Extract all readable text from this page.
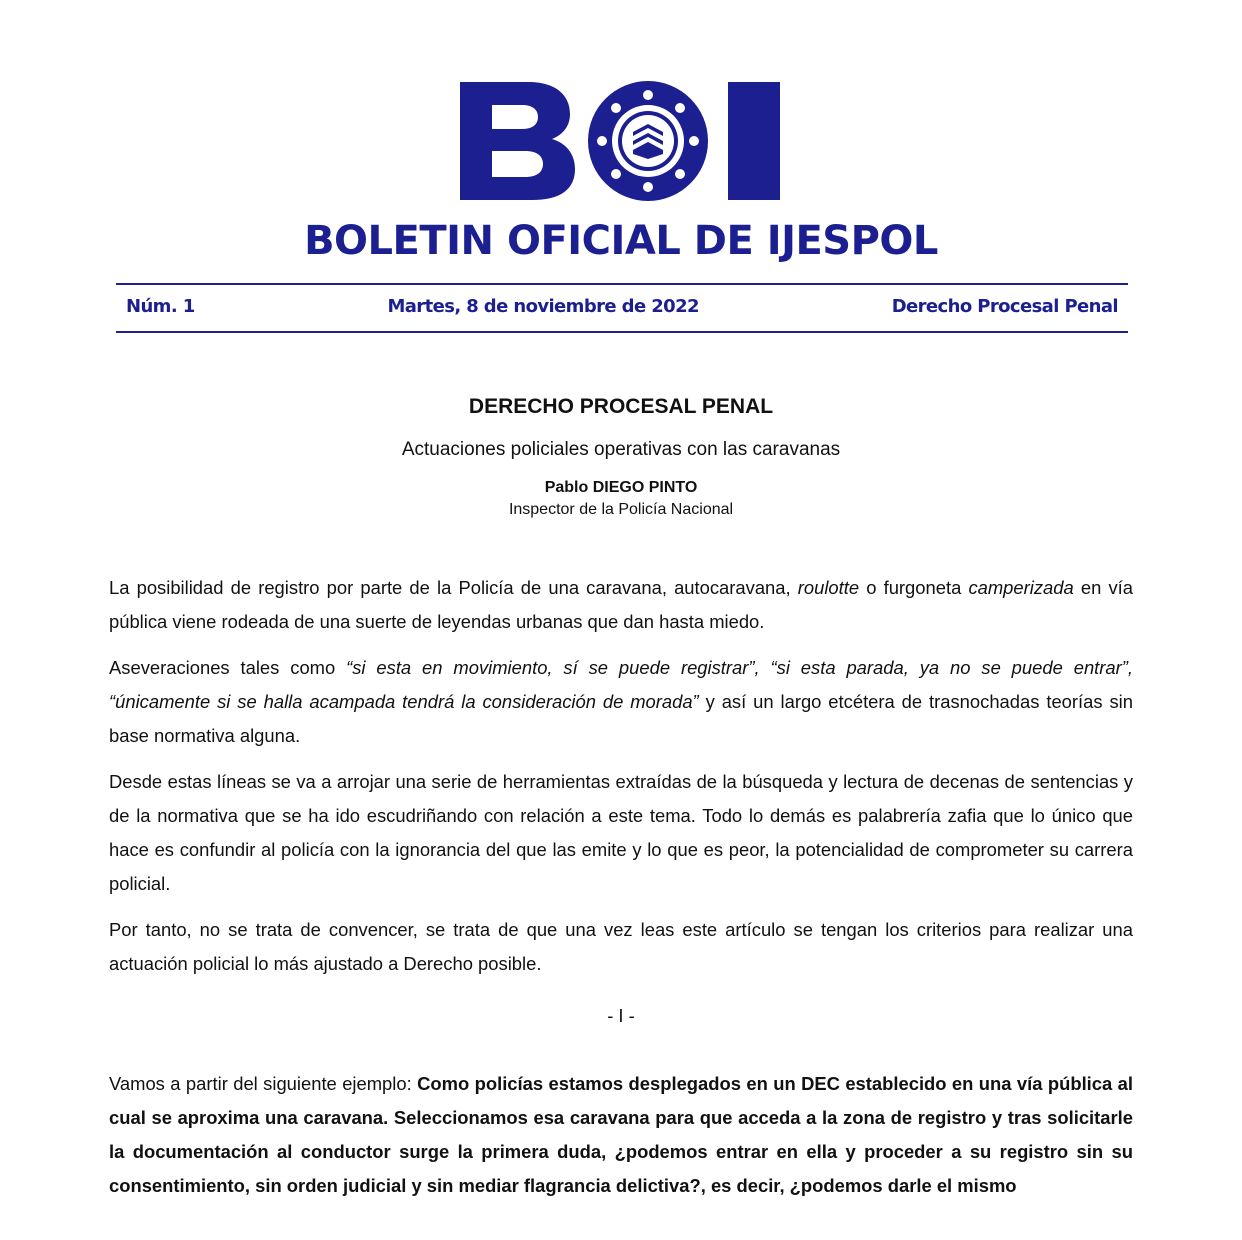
BOLETIN OFICIAL DE IJESPOL
Núm. 1	Martes, 8 de noviembre de 2022	Derecho Procesal Penal
DERECHO PROCESAL PENAL
Actuaciones policiales operativas con las caravanas
Pablo DIEGO PINTO
Inspector de la Policía Nacional

La posibilidad de registro por parte de la Policía de una caravana, autocaravana, roulotte o furgoneta camperizada en vía pública viene rodeada de una suerte de leyendas urbanas que dan hasta miedo.

Aseveraciones tales como “si esta en movimiento, sí se puede registrar”, “si esta parada, ya no se puede entrar”, “únicamente si se halla acampada tendrá la consideración de morada” y así un largo etcétera de trasnochadas teorías sin base normativa alguna.

Desde estas líneas se va a arrojar una serie de herramientas extraídas de la búsqueda y lectura de decenas de sentencias y de la normativa que se ha ido escudriñando con relación a este tema. Todo lo demás es palabrería zafia que lo único que hace es confundir al policía con la ignorancia del que las emite y lo que es peor, la potencialidad de comprometer su carrera policial.

Por tanto, no se trata de convencer, se trata de que una vez leas este artículo se tengan los criterios para realizar una actuación policial lo más ajustado a Derecho posible.

- I -

Vamos a partir del siguiente ejemplo: Como policías estamos desplegados en un DEC establecido en una vía pública al cual se aproxima una caravana. Seleccionamos esa caravana para que acceda a la zona de registro y tras solicitarle la documentación al conductor surge la primera duda, ¿podemos entrar en ella y proceder a su registro sin su consentimiento, sin orden judicial y sin mediar flagrancia delictiva?, es decir, ¿podemos darle el mismo
